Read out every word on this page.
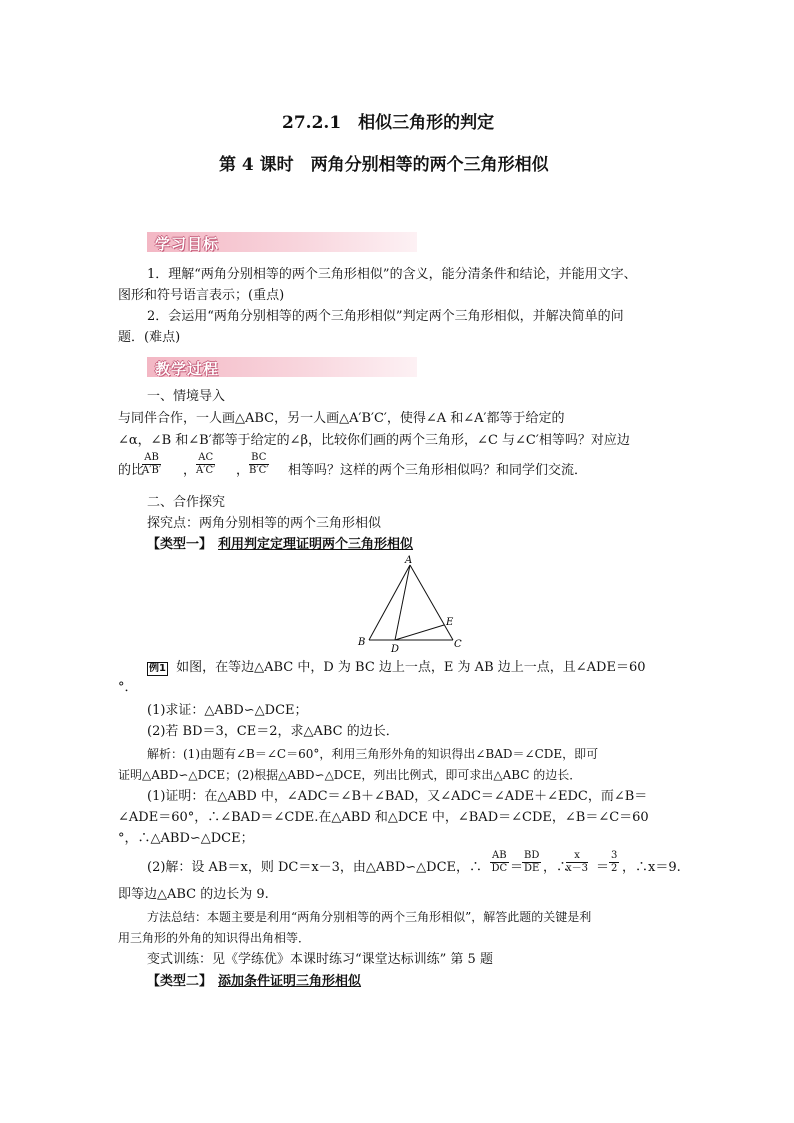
27.2.1　相似三角形的判定
第 4 课时　两角分别相等的两个三角形相似
学习目标
1．理解“两角分别相等的两个三角形相似”的含义，能分清条件和结论，并能用文字、
图形和符号语言表示；(重点)
2．会运用“两角分别相等的两个三角形相似”判定两个三角形相似，并解决简单的问
题．(难点)
教学过程
一、情境导入
与同伴合作，一人画△ABC，另一人画△A′B′C′，使得∠A 和∠A′都等于给定的
∠α，∠B 和∠B′都等于给定的∠β，比较你们画的两个三角形，∠C 与∠C′相等吗？对应边
的比
$\frac{AB}{A'B'}$ ， $\frac{AC}{A'C'}$ ， $\frac{BC}{B'C'}$ 相等吗？这样的两个三角形相似吗？和同学们交流．
二、合作探究
探究点：两角分别相等的两个三角形相似
【类型一】 利用判定定理证明两个三角形相似
A
B	C
D
E
例1 如图，在等边△ABC 中，D 为 BC 边上一点，E 为 AB 边上一点，且∠ADE＝60
°．
(1)求证：△ABD∽△DCE；
(2)若 BD＝3，CE＝2，求△ABC 的边长．
解析：(1)由题有∠B＝∠C＝60°，利用三角形外角的知识得出∠BAD＝∠CDE，即可
证明△ABD∽△DCE；(2)根据△ABD∽△DCE，列出比例式，即可求出△ABC 的边长．
(1)证明：在△ABD 中，∠ADC＝∠B＋∠BAD，又∠ADC＝∠ADE＋∠EDC，而∠B＝
∠ADE＝60°，∴∠BAD＝∠CDE.在△ABD 和△DCE 中，∠BAD＝∠CDE，∠B＝∠C＝60
°，∴△ABD∽△DCE；
(2)解：设 AB＝x，则 DC＝x－3，由△ABD∽△DCE，∴ $\frac{AB}{DC}$ ＝
$\frac{BD}{DE}$ ，∴
$\frac{x}{x-3} = \frac{3}{2}$ ，∴x＝9.
即等边△ABC 的边长为 9.
方法总结：本题主要是利用“两角分别相等的两个三角形相似”，解答此题的关键是利
用三角形的外角的知识得出角相等．
变式训练：见《学练优》本课时练习“课堂达标训练” 第 5 题
【类型二】 添加条件证明三角形相似
